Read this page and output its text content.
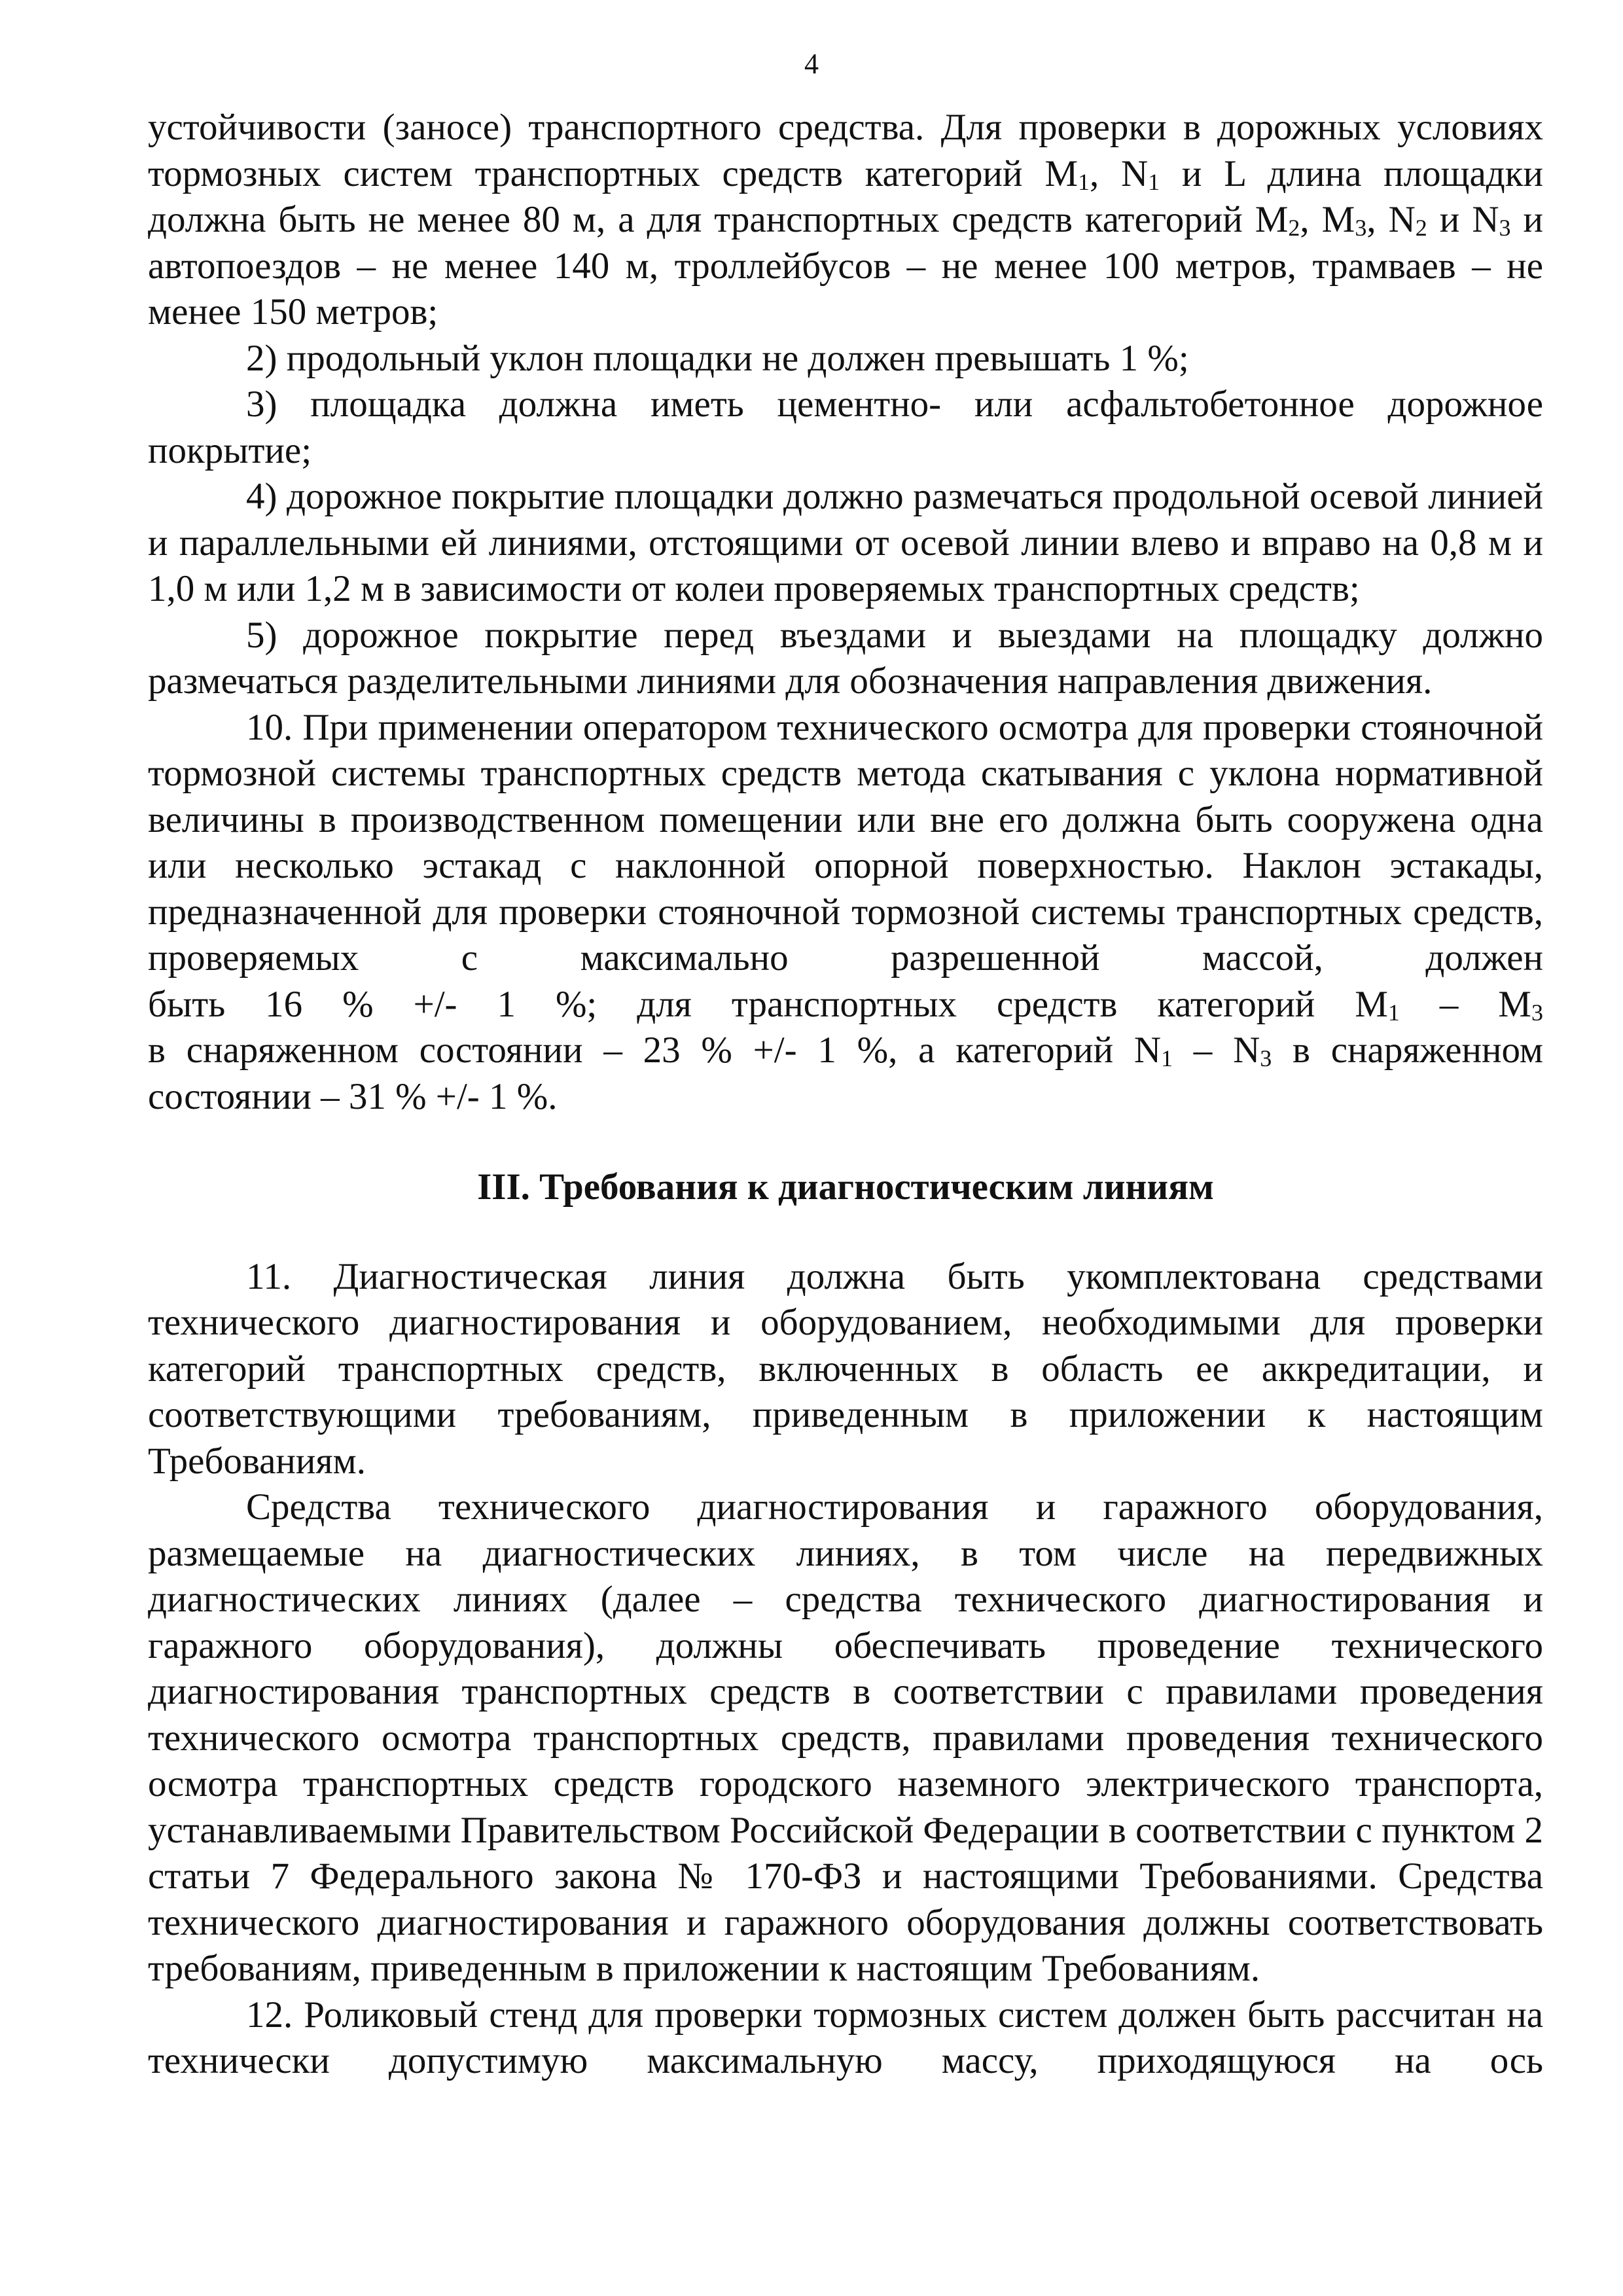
4

устойчивости (заносе) транспортного средства. Для проверки в дорожных условиях

тормозных систем транспортных средств категорий $M_1$, $N_1$ и L длина площадки

должна быть не менее 80 м, а для транспортных средств категорий $M_2$, $M_3$, $N_2$ и $N_3$ и

автопоездов – не менее 140 м, троллейбусов – не менее 100 метров, трамваев – не

менее 150 метров;

2) продольный уклон площадки не должен превышать 1 %;

3) площадка должна иметь цементно- или асфальтобетонное дорожное покрытие;

4) дорожное покрытие площадки должно размечаться продольной осевой линией и параллельными ей линиями, отстоящими от осевой линии влево и вправо на 0,8 м и 1,0 м или 1,2 м в зависимости от колеи проверяемых транспортных средств;

5) дорожное покрытие перед въездами и выездами на площадку должно размечаться разделительными линиями для обозначения направления движения.

10. При применении оператором технического осмотра для проверки стояночной тормозной системы транспортных средств метода скатывания с уклона нормативной величины в производственном помещении или вне его должна быть сооружена одна или несколько эстакад с наклонной опорной поверхностью. Наклон эстакады, предназначенной для проверки стояночной тормозной системы транспортных средств, проверяемых с максимально разрешенной массой, должен

быть 16 % +/- 1 %; для транспортных средств категорий $M_1 - M_3$

в снаряженном состоянии – 23 % +/- 1 %, а категорий $N_1 - N_3$ в снаряженном

состоянии – 31 % +/- 1 %.

III. Требования к диагностическим линиям

11. Диагностическая линия должна быть укомплектована средствами технического диагностирования и оборудованием, необходимыми для проверки категорий транспортных средств, включенных в область ее аккредитации, и соответствующими требованиям, приведенным в приложении к настоящим Требованиям.

Средства технического диагностирования и гаражного оборудования, размещаемые на диагностических линиях, в том числе на передвижных диагностических линиях (далее – средства технического диагностирования и гаражного оборудования), должны обеспечивать проведение технического диагностирования транспортных средств в соответствии с правилами проведения технического осмотра транспортных средств, правилами проведения технического осмотра транспортных средств городского наземного электрического транспорта, устанавливаемыми Правительством Российской Федерации в соответствии с пунктом 2 статьи 7 Федерального закона № 170-ФЗ и настоящими Требованиями. Средства технического диагностирования и гаражного оборудования должны соответствовать требованиям, приведенным в приложении к настоящим Требованиям.

12. Роликовый стенд для проверки тормозных систем должен быть рассчитан на технически допустимую максимальную массу, приходящуюся на ось
